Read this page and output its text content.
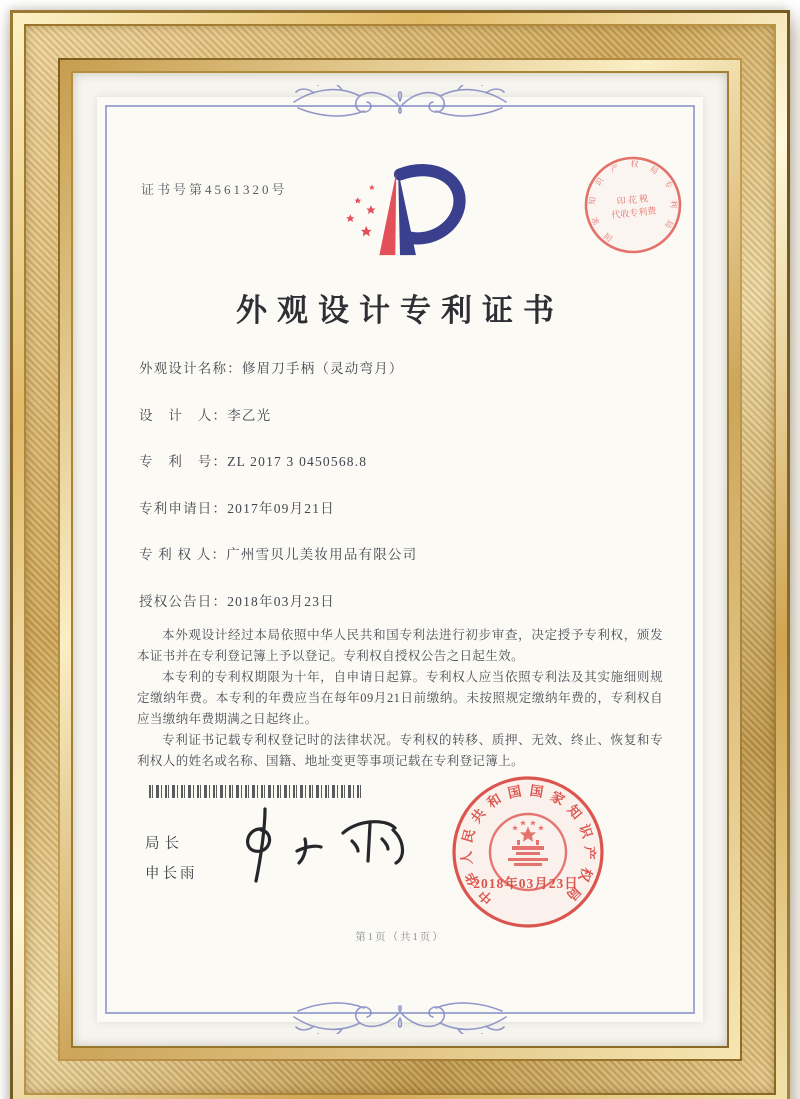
证书号第4561320号
外观设计专利证书
外观设计名称：修眉刀手柄（灵动弯月）
设　计　人：李乙光
专　利　号：ZL 2017 3 0450568.8
专利申请日：2017年09月21日
专 利 权 人：广州雪贝儿美妆用品有限公司
授权公告日：2018年03月23日

本外观设计经过本局依照中华人民共和国专利法进行初步审查，决定授予专利权，颁发本证书并在专利登记簿上予以登记。专利权自授权公告之日起生效。

本专利的专利权期限为十年，自申请日起算。专利权人应当依照专利法及其实施细则规定缴纳年费。本专利的年费应当在每年09月21日前缴纳。未按照规定缴纳年费的，专利权自应当缴纳年费期满之日起终止。

专利证书记载专利权登记时的法律状况。专利权的转移、质押、无效、终止、恢复和专利权人的姓名或名称、国籍、地址变更等事项记载在专利登记簿上。

局长
申长雨
中华人民共和国国家知识产权局
2018年03月23日
国家知识产权局专利局
印 花 税
代收专利费
第1页（共1页）
